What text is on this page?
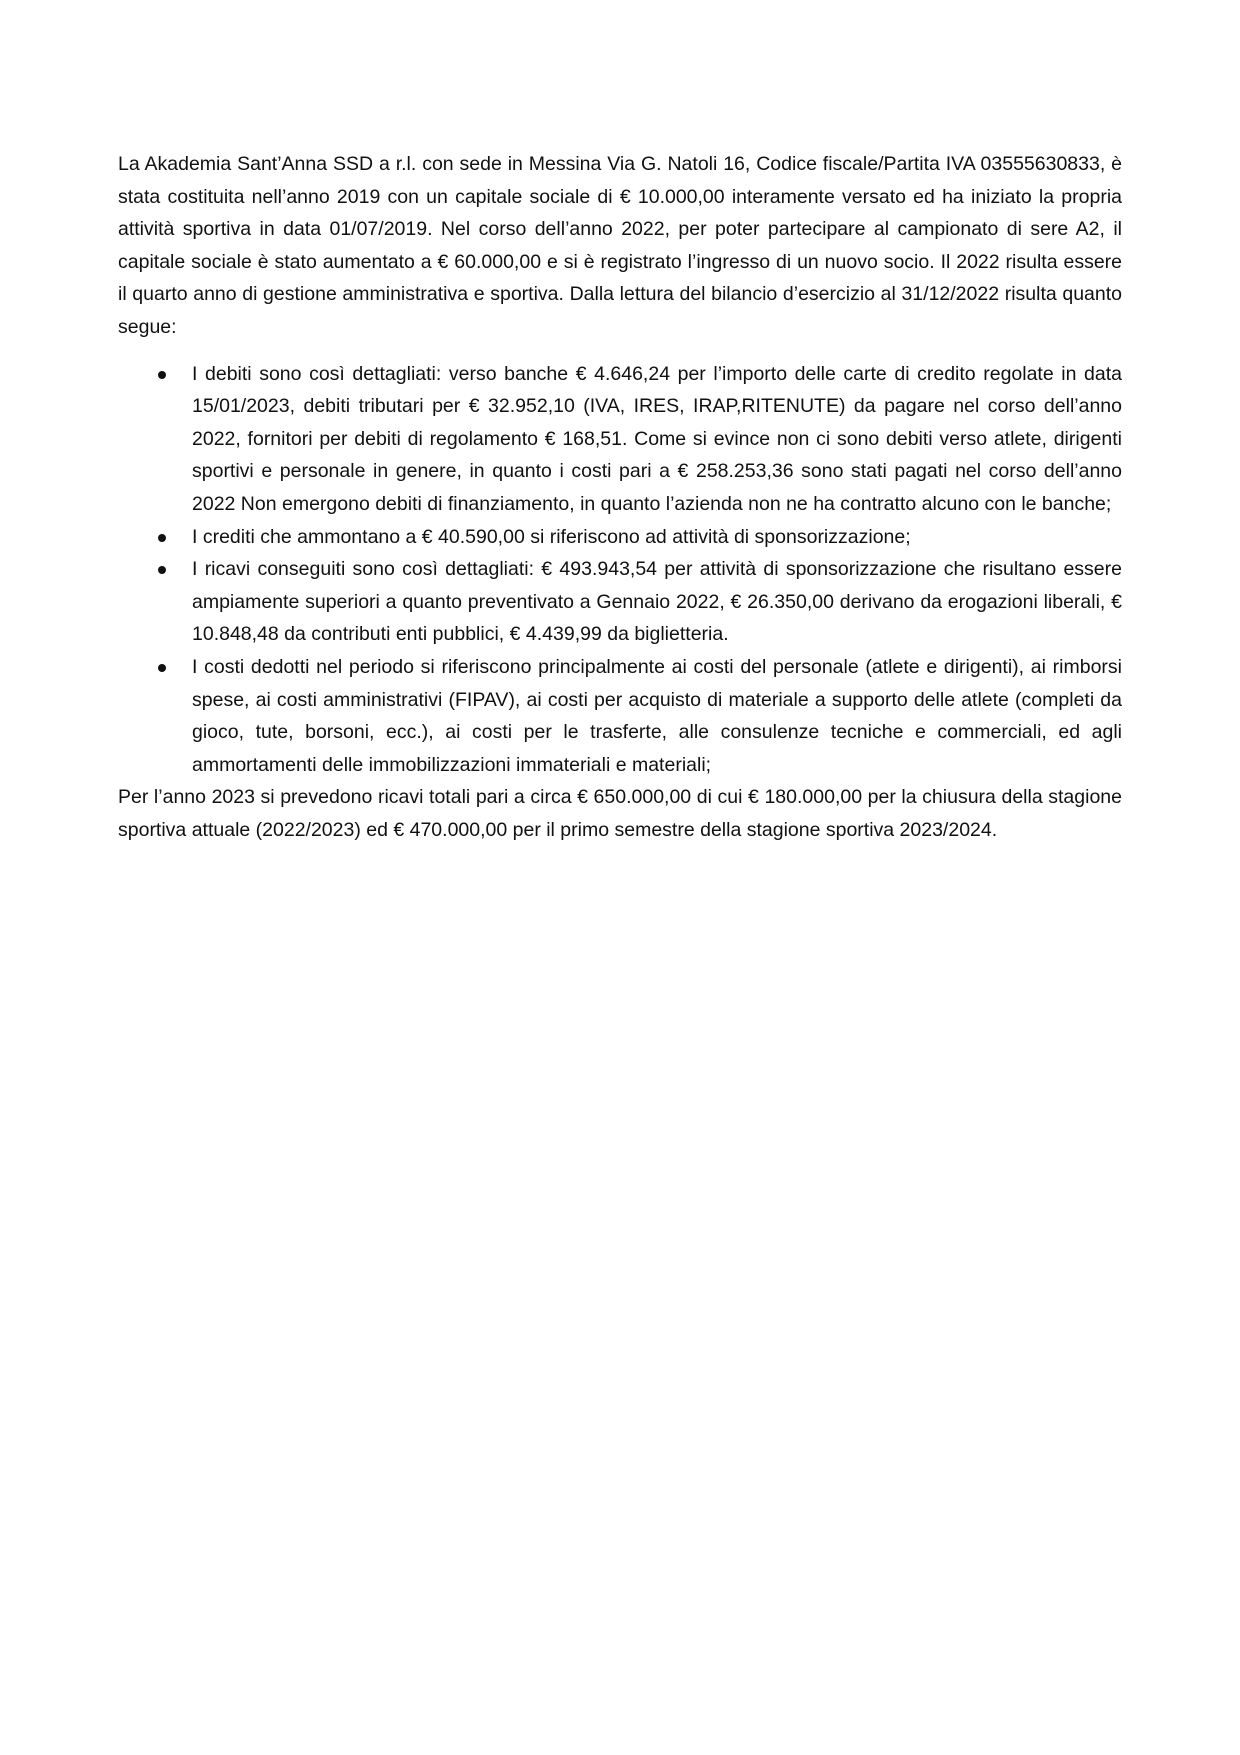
La Akademia Sant’Anna SSD a r.l. con sede in Messina Via G. Natoli 16, Codice fiscale/Partita IVA 03555630833, è stata costituita nell’anno 2019 con un capitale sociale di € 10.000,00 interamente versato ed ha iniziato la propria attività sportiva in data 01/07/2019. Nel corso dell’anno 2022, per poter partecipare al campionato di sere A2, il capitale sociale è stato aumentato a € 60.000,00 e si è registrato l’ingresso di un nuovo socio. Il 2022 risulta essere il quarto anno di gestione amministrativa e sportiva. Dalla lettura del bilancio d’esercizio al 31/12/2022 risulta quanto segue:

I debiti sono così dettagliati: verso banche € 4.646,24 per l’importo delle carte di credito regolate in data 15/01/2023, debiti tributari per € 32.952,10 (IVA, IRES, IRAP,RITENUTE) da pagare nel corso dell’anno 2022, fornitori per debiti di regolamento € 168,51. Come si evince non ci sono debiti verso atlete, dirigenti sportivi e personale in genere, in quanto i costi pari a € 258.253,36 sono stati pagati nel corso dell’anno 2022 Non emergono debiti di finanziamento, in quanto l’azienda non ne ha contratto alcuno con le banche;
I crediti che ammontano a € 40.590,00 si riferiscono ad attività di sponsorizzazione;
I ricavi conseguiti sono così dettagliati: € 493.943,54 per attività di sponsorizzazione che risultano essere ampiamente superiori a quanto preventivato a Gennaio 2022, € 26.350,00 derivano da erogazioni liberali, € 10.848,48 da contributi enti pubblici, € 4.439,99 da biglietteria.
I costi dedotti nel periodo si riferiscono principalmente ai costi del personale (atlete e dirigenti), ai rimborsi spese, ai costi amministrativi (FIPAV), ai costi per acquisto di materiale a supporto delle atlete (completi da gioco, tute, borsoni, ecc.), ai costi per le trasferte, alle consulenze tecniche e commerciali, ed agli ammortamenti delle immobilizzazioni immateriali e materiali;

Per l’anno 2023 si prevedono ricavi totali pari a circa € 650.000,00 di cui € 180.000,00 per la chiusura della stagione sportiva attuale (2022/2023) ed € 470.000,00 per il primo semestre della stagione sportiva 2023/2024.
